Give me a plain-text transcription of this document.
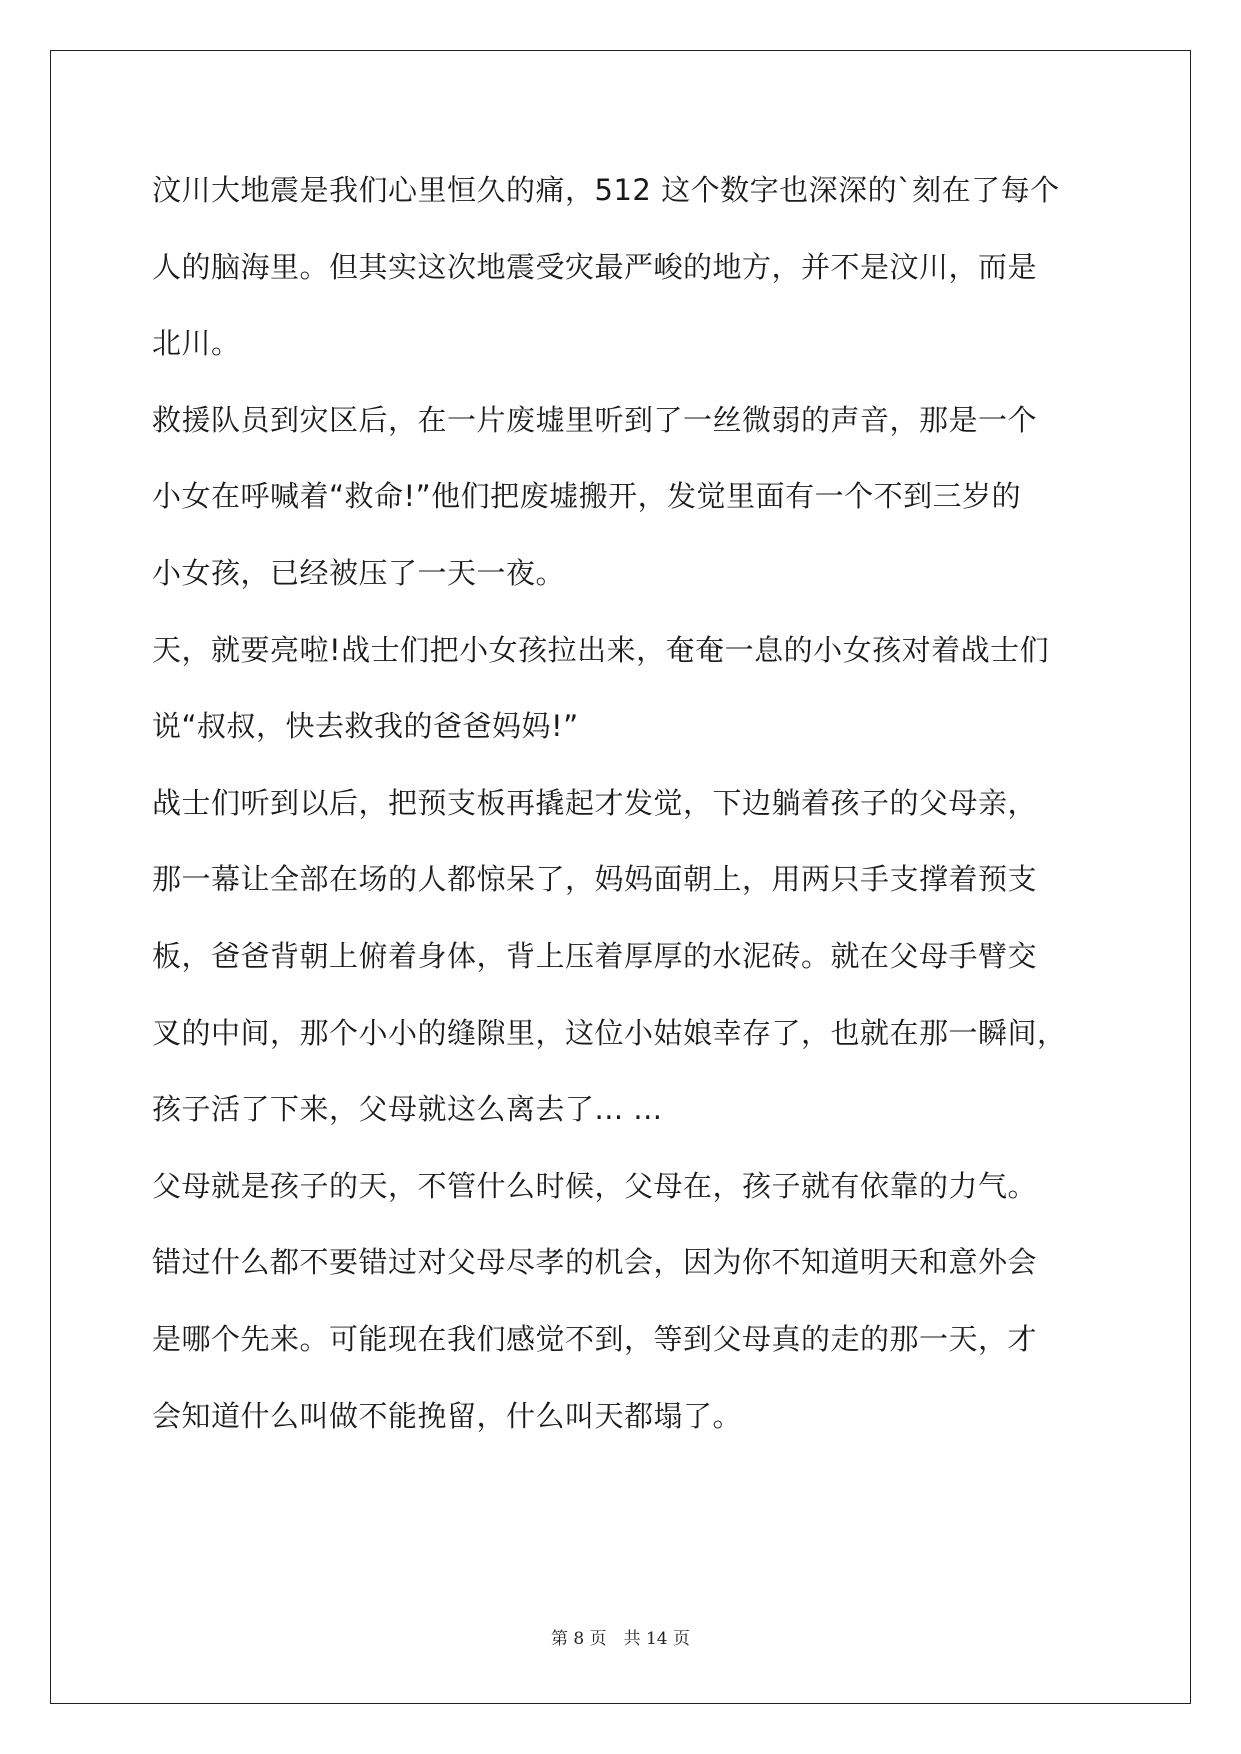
汶川大地震是我们心里恒久的痛，512 这个数字也深深的`刻在了每个
人的脑海里。但其实这次地震受灾最严峻的地方，并不是汶川，而是
北川。
救援队员到灾区后，在一片废墟里听到了一丝微弱的声音，那是一个
小女在呼喊着“救命!”他们把废墟搬开，发觉里面有一个不到三岁的
小女孩，已经被压了一天一夜。
天，就要亮啦!战士们把小女孩拉出来，奄奄一息的小女孩对着战士们
说“叔叔，快去救我的爸爸妈妈!”
战士们听到以后，把预支板再撬起才发觉，下边躺着孩子的父母亲，
那一幕让全部在场的人都惊呆了，妈妈面朝上，用两只手支撑着预支
板，爸爸背朝上俯着身体，背上压着厚厚的水泥砖。就在父母手臂交
叉的中间，那个小小的缝隙里，这位小姑娘幸存了，也就在那一瞬间，
孩子活了下来，父母就这么离去了... ...
父母就是孩子的天，不管什么时候，父母在，孩子就有依靠的力气。
错过什么都不要错过对父母尽孝的机会，因为你不知道明天和意外会
是哪个先来。可能现在我们感觉不到，等到父母真的走的那一天，才
会知道什么叫做不能挽留，什么叫天都塌了。
第 8 页　共 14 页
